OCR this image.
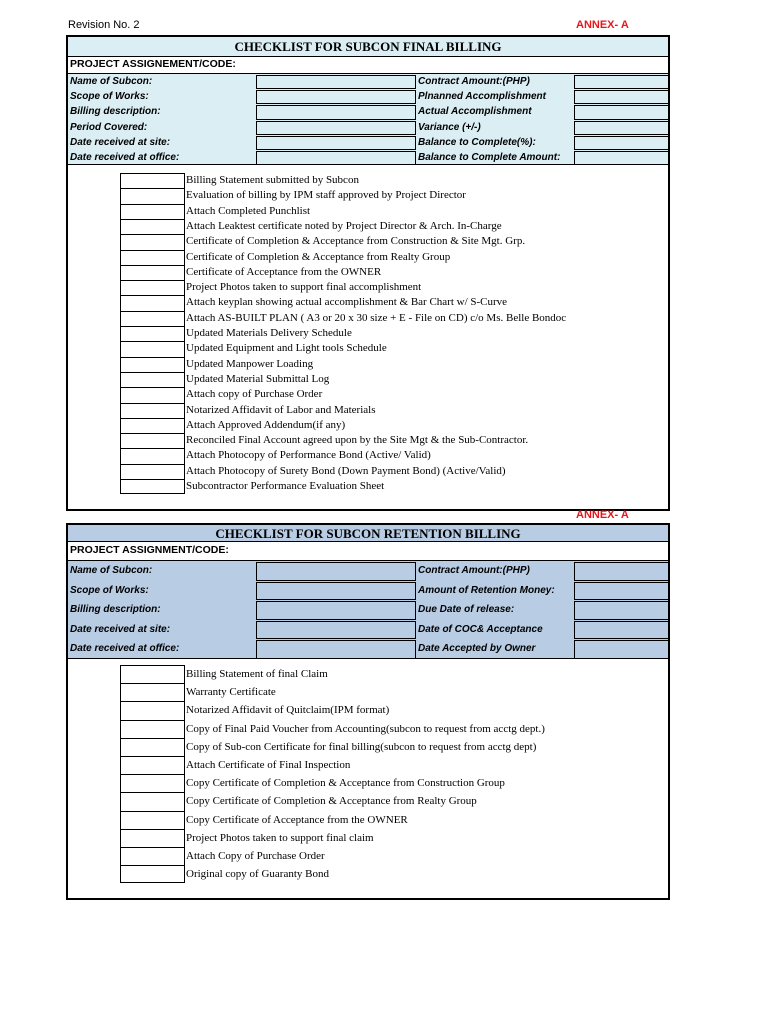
Revision No. 2	ANNEX- A
CHECKLIST FOR SUBCON FINAL BILLING
PROJECT ASSIGNEMENT/CODE:
Name of Subcon:	Contract Amount:(PHP)
Scope of Works:	Plnanned Accomplishment
Billing description:	Actual Accomplishment
Period Covered:	Variance (+/-)
Date received at site:	Balance to Complete(%):
Date received at office:	Balance to Complete Amount:
Billing Statement submitted by Subcon
Evaluation of billing by IPM staff approved by Project Director
Attach Completed Punchlist
Attach Leaktest certificate noted by Project Director & Arch. In-Charge
Certificate of Completion & Acceptance from Construction & Site Mgt. Grp.
Certificate of Completion & Acceptance from Realty Group
Certificate of Acceptance from the OWNER
Project Photos taken to support final accomplishment
Attach keyplan showing actual accomplishment & Bar Chart w/ S-Curve
Attach AS-BUILT PLAN ( A3 or 20 x 30 size + E - File on CD) c/o Ms. Belle Bondoc
Updated Materials Delivery Schedule
Updated Equipment and Light tools Schedule
Updated Manpower Loading
Updated Material Submittal Log
Attach copy of Purchase Order
Notarized Affidavit of Labor and Materials
Attach Approved Addendum(if any)
Reconciled Final Account agreed upon by the Site Mgt & the Sub-Contractor.
Attach Photocopy of Performance Bond (Active/ Valid)
Attach Photocopy of Surety Bond (Down Payment Bond) (Active/Valid)
Subcontractor Performance Evaluation Sheet
ANNEX- A
CHECKLIST FOR SUBCON RETENTION BILLING
PROJECT ASSIGNMENT/CODE:
Name of Subcon:	Contract Amount:(PHP)
Scope of Works:	Amount of Retention Money:
Billing description:	Due Date of release:
Date received at site:	Date of COC& Acceptance
Date received at office:	Date Accepted by Owner
Billing Statement of final Claim
Warranty Certificate
Notarized Affidavit of Quitclaim(IPM format)
Copy of Final Paid Voucher from Accounting(subcon to request from acctg dept.)
Copy of Sub-con Certificate for final billing(subcon to request from acctg dept)
Attach Certificate of Final Inspection
Copy Certificate of Completion & Acceptance from Construction Group
Copy Certificate of Completion & Acceptance from Realty Group
Copy Certificate of Acceptance from the OWNER
Project Photos taken to support final claim
Attach Copy of Purchase Order
Original copy of Guaranty Bond
